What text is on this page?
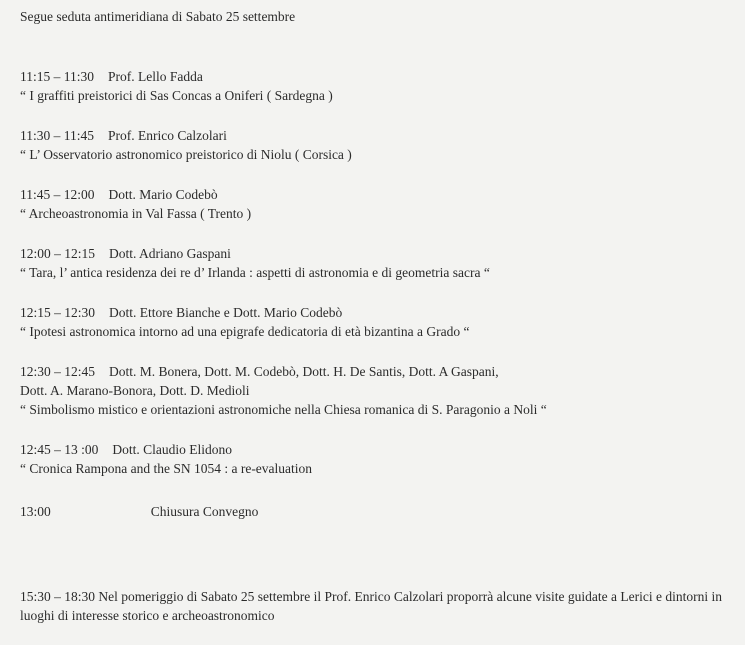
Segue seduta antimeridiana di Sabato 25 settembre
11:15 – 11:30 Prof. Lello Fadda
“ I graffiti preistorici di Sas Concas a Oniferi ( Sardegna )
11:30 – 11:45 Prof. Enrico Calzolari
“ L’ Osservatorio astronomico preistorico di Niolu ( Corsica )
11:45 – 12:00 Dott. Mario Codebò
“ Archeoastronomia in Val Fassa ( Trento )
12:00 – 12:15 Dott. Adriano Gaspani
“ Tara, l’ antica residenza dei re d’ Irlanda : aspetti di astronomia e di geometria sacra “
12:15 – 12:30 Dott. Ettore Bianche e Dott. Mario Codebò
“ Ipotesi astronomica intorno ad una epigrafe dedicatoria di età bizantina a Grado “
12:30 – 12:45 Dott. M. Bonera, Dott. M. Codebò, Dott. H. De Santis, Dott. A Gaspani,
Dott. A. Marano-Bonora, Dott. D. Medioli
“ Simbolismo mistico e orientazioni astronomiche nella Chiesa romanica di S. Paragonio a Noli “
12:45 – 13 :00 Dott. Claudio Elidono
“ Cronica Rampona and the SN 1054 : a re-evaluation
13:00	Chiusura Convegno
15:30 – 18:30 Nel pomeriggio di Sabato 25 settembre il Prof. Enrico Calzolari proporrà alcune visite guidate a Lerici e dintorni in luoghi di interesse storico e archeoastronomico
